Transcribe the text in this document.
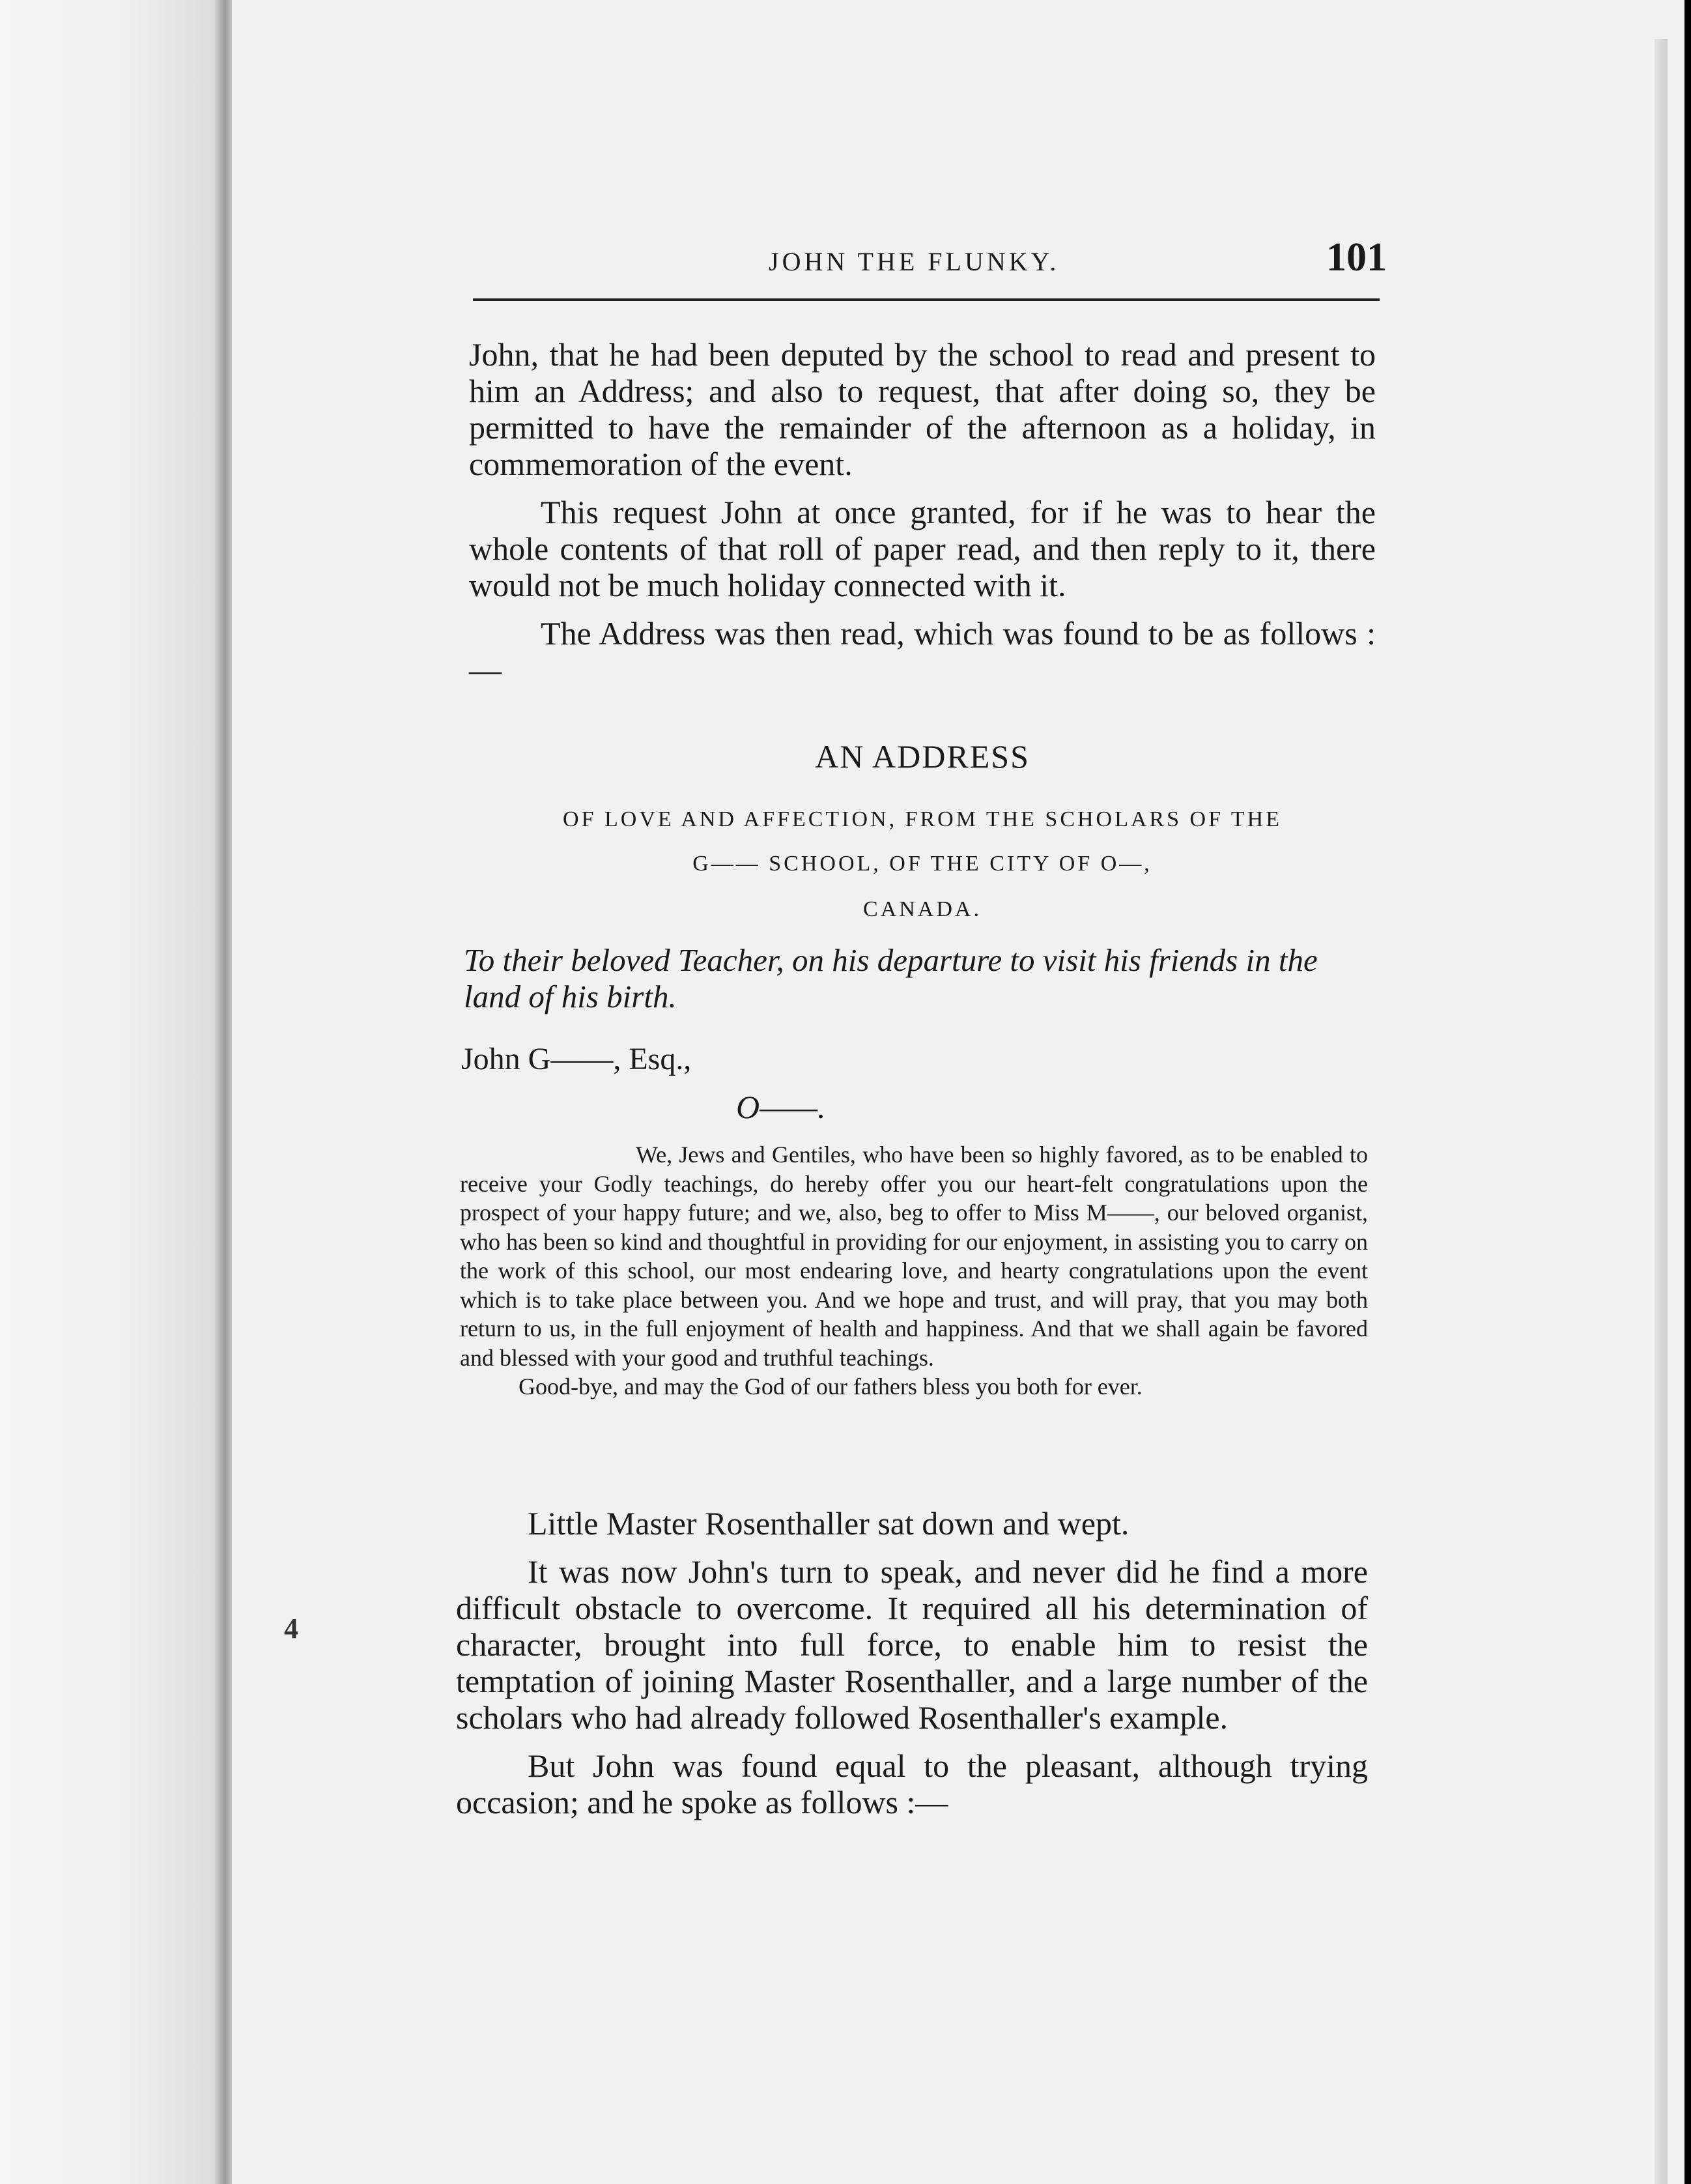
JOHN THE FLUNKY.	101

John, that he had been deputed by the school to read and present to him an Address; and also to request, that after doing so, they be permitted to have the remainder of the afternoon as a holiday, in commemoration of the event.

This request John at once granted, for if he was to hear the whole contents of that roll of paper read, and then reply to it, there would not be much holiday connected with it.

The Address was then read, which was found to be as follows :—

AN ADDRESS
OF LOVE AND AFFECTION, FROM THE SCHOLARS OF THE
G—— SCHOOL, OF THE CITY OF O—,
CANADA.
To their beloved Teacher, on his departure to visit his friends in the land of his birth.
John G——, Esq.,
O——.

We, Jews and Gentiles, who have been so highly favored, as to be enabled to receive your Godly teachings, do hereby offer you our heart-felt congratulations upon the prospect of your happy future; and we, also, beg to offer to Miss M——, our beloved organist, who has been so kind and thoughtful in providing for our enjoyment, in assisting you to carry on the work of this school, our most endearing love, and hearty congratulations upon the event which is to take place between you. And we hope and trust, and will pray, that you may both return to us, in the full enjoyment of health and happiness. And that we shall again be favored and blessed with your good and truthful teachings.

Good-bye, and may the God of our fathers bless you both for ever.

Little Master Rosenthaller sat down and wept.

It was now John's turn to speak, and never did he find a more difficult obstacle to overcome. It required all his determination of character, brought into full force, to enable him to resist the temptation of joining Master Rosenthaller, and a large number of the scholars who had already followed Rosenthaller's example.

But John was found equal to the pleasant, although trying occasion; and he spoke as follows :—

4
